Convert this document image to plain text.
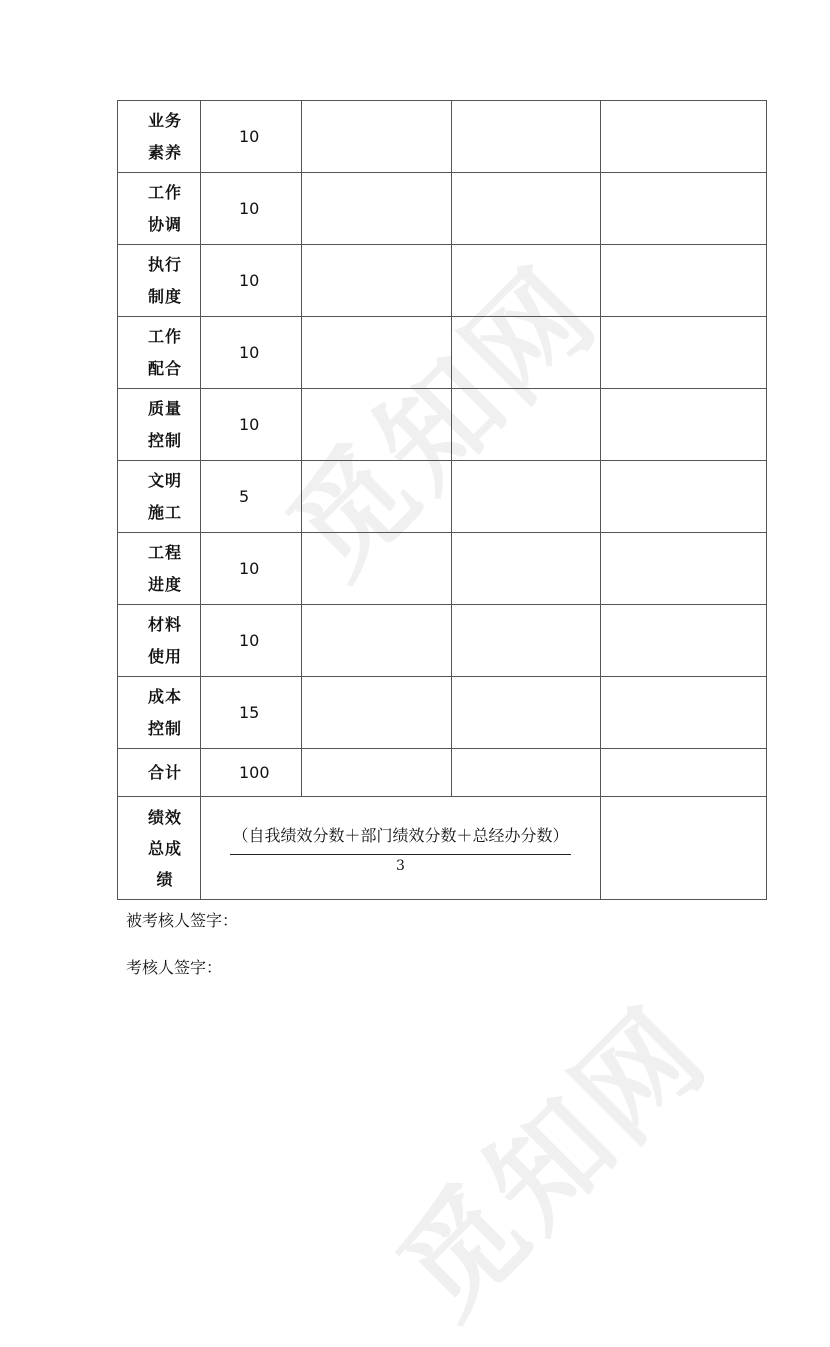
觅知网
觅知网
业务
素养	10			
工作
协调	10			
执行
制度	10			
工作
配合	10			
质量
控制	10			
文明
施工	5			
工程
进度	10			
材料
使用	10			
成本
控制	15			
合计	100			
绩效
总成
绩	$\frac{\text{（自我绩效分数＋部门绩效分数＋总经办分数）}}{3}$

被考核人签字：
考核人签字：
